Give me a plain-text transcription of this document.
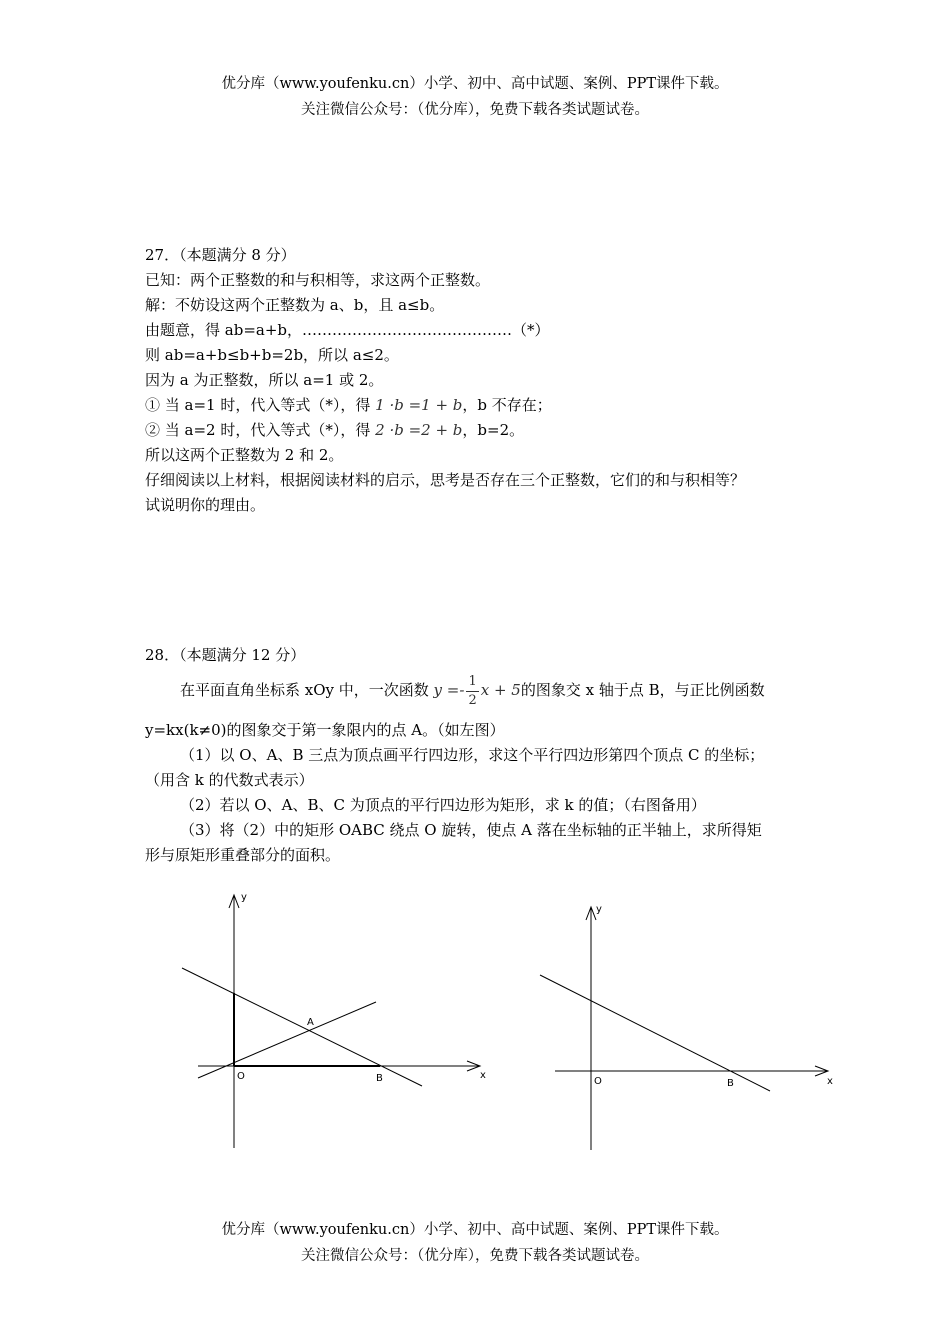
优分库（www.youfenku.cn）小学、初中、高中试题、案例、PPT课件下载。
关注微信公众号：（优分库），免费下载各类试题试卷。
27．（本题满分 8 分）
已知：两个正整数的和与积相等，求这两个正整数。
解：不妨设这两个正整数为 a、b，且 a≤b。
由题意，得 ab=a+b，……………………………………（*）
则 ab=a+b≤b+b=2b，所以 a≤2。
因为 a 为正整数，所以 a=1 或 2。
① 当 a=1 时，代入等式（*），得 1 ·b =1 + b，b 不存在；
② 当 a=2 时，代入等式（*），得 2 ·b =2 + b，b=2。
所以这两个正整数为 2 和 2。
仔细阅读以上材料，根据阅读材料的启示，思考是否存在三个正整数，它们的和与积相等？
试说明你的理由。
28．（本题满分 12 分）
在平面直角坐标系 xOy 中，一次函数 $y =- \frac{1}{2}$ x + 5的图象交 x 轴于点 B，与正比例函数
y=kx(k≠0)的图象交于第一象限内的点 A。（如左图）
（1）以 O、A、B 三点为顶点画平行四边形，求这个平行四边形第四个顶点 C 的坐标；
（用含 k 的代数式表示）
（2）若以 O、A、B、C 为顶点的平行四边形为矩形，求 k 的值；（右图备用）
（3）将（2）中的矩形 OABC 绕点 O 旋转，使点 A 落在坐标轴的正半轴上，求所得矩
形与原矩形重叠部分的面积。
y
x
O
A
B
y
x
O	B
优分库（www.youfenku.cn）小学、初中、高中试题、案例、PPT课件下载。
关注微信公众号：（优分库），免费下载各类试题试卷。
